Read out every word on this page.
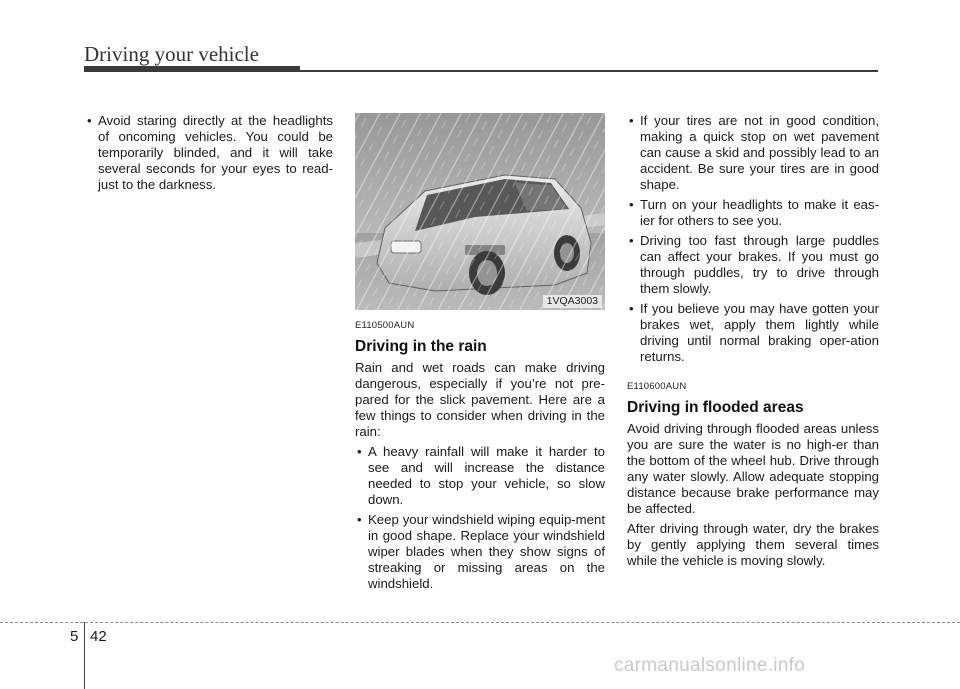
Driving your vehicle
• Avoid staring directly at the headlights of oncoming vehicles. You could be temporarily blinded, and it will take several seconds for your eyes to read-just to the darkness.
1VQA3003
E110500AUN
Driving in the rain

Rain and wet roads can make driving dangerous, especially if you’re not pre-pared for the slick pavement. Here are a few things to consider when driving in the rain:

• A heavy rainfall will make it harder to see and will increase the distance needed to stop your vehicle, so slow down.
• Keep your windshield wiping equip-ment in good shape. Replace your windshield wiper blades when they show signs of streaking or missing areas on the windshield.
• If your tires are not in good condition, making a quick stop on wet pavement can cause a skid and possibly lead to an accident. Be sure your tires are in good shape.
• Turn on your headlights to make it eas-ier for others to see you.
• Driving too fast through large puddles can affect your brakes. If you must go through puddles, try to drive through them slowly.
• If you believe you may have gotten your brakes wet, apply them lightly while driving until normal braking oper-ation returns.
E110600AUN
Driving in flooded areas

Avoid driving through flooded areas unless you are sure the water is no high-er than the bottom of the wheel hub. Drive through any water slowly. Allow adequate stopping distance because brake performance may be affected.

After driving through water, dry the brakes by gently applying them several times while the vehicle is moving slowly.

5 42
carmanualsonline.info
